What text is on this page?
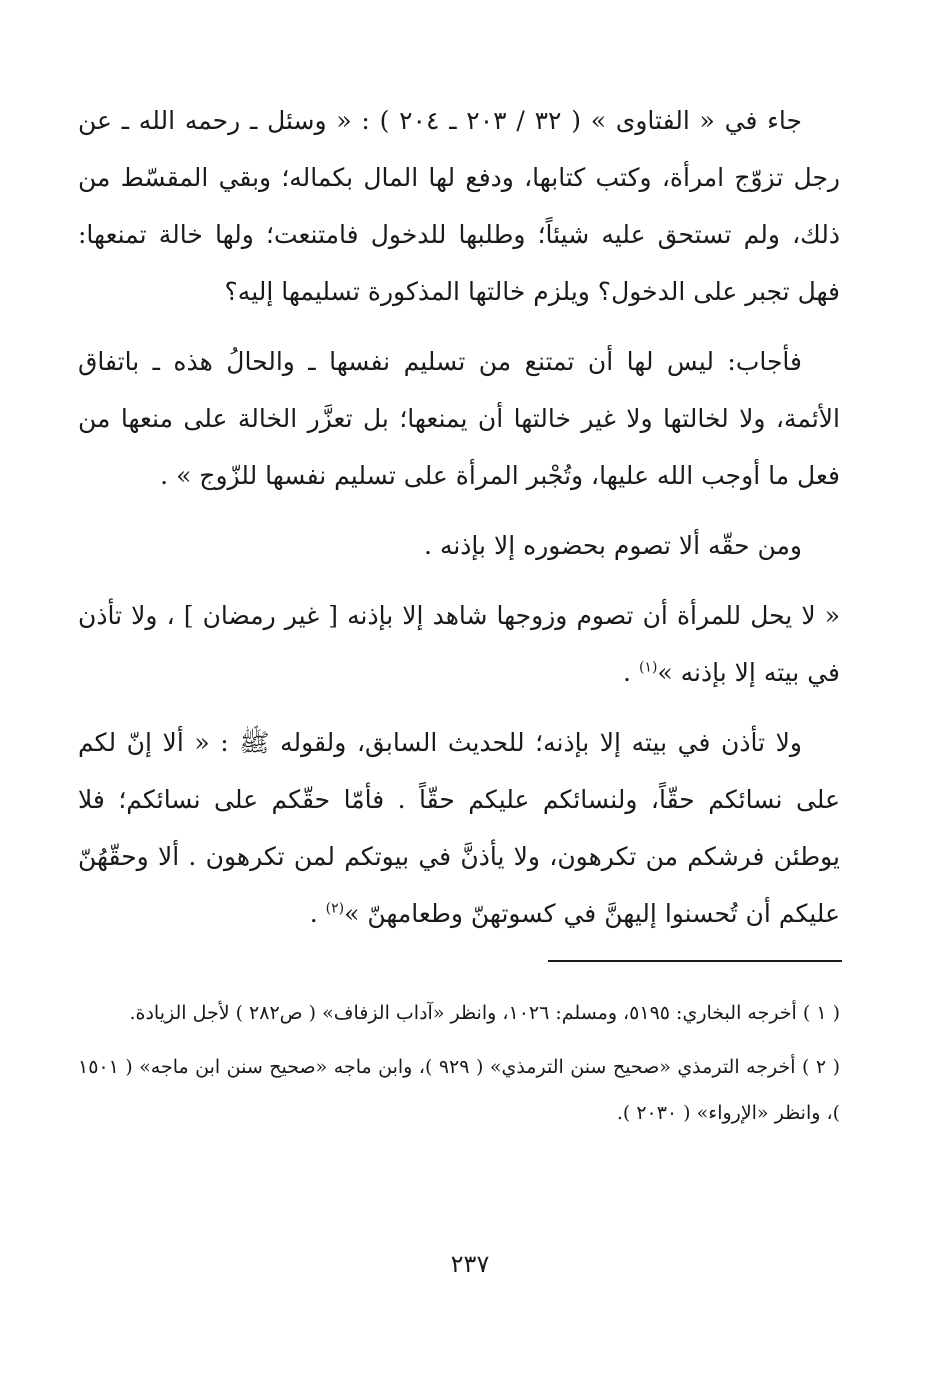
جاء في « الفتاوى » ( ٣٢ / ٢٠٣ ـ ٢٠٤ ) : « وسئل ـ رحمه الله ـ عن رجل تزوّج امرأة، وكتب كتابها، ودفع لها المال بكماله؛ وبقي المقسّط من ذلك، ولم تستحق عليه شيئاً؛ وطلبها للدخول فامتنعت؛ ولها خالة تمنعها: فهل تجبر على الدخول؟ ويلزم خالتها المذكورة تسليمها إليه؟

فأجاب: ليس لها أن تمتنع من تسليم نفسها ـ والحالُ هذه ـ باتفاق الأئمة، ولا لخالتها ولا غير خالتها أن يمنعها؛ بل تعزَّر الخالة على منعها من فعل ما أوجب الله عليها، وتُجْبر المرأة على تسليم نفسها للزّوج » .

ومن حقّه ألا تصوم بحضوره إلا بإذنه .

« لا يحل للمرأة أن تصوم وزوجها شاهد إلا بإذنه [ غير رمضان ] ، ولا تأذن في بيته إلا بإذنه »$^{(١)}$ .

ولا تأذن في بيته إلا بإذنه؛ للحديث السابق، ولقوله ﷺ : « ألا إنّ لكم على نسائكم حقّاً، ولنسائكم عليكم حقّاً . فأمّا حقّكم على نسائكم؛ فلا يوطئن فرشكم من تكرهون، ولا يأذنَّ في بيوتكم لمن تكرهون . ألا وحقّهُنّ عليكم أن تُحسنوا إليهنَّ في كسوتهنّ وطعامهنّ »$^{(٢)}$ .

( ١ ) أخرجه البخاري: ٥١٩٥، ومسلم: ١٠٢٦، وانظر «آداب الزفاف» ( ص٢٨٢ ) لأجل الزيادة.

( ٢ ) أخرجه الترمذي «صحيح سنن الترمذي» ( ٩٢٩ )، وابن ماجه «صحيح سنن ابن ماجه» ( ١٥٠١ )، وانظر «الإرواء» ( ٢٠٣٠ ).

٢٣٧
